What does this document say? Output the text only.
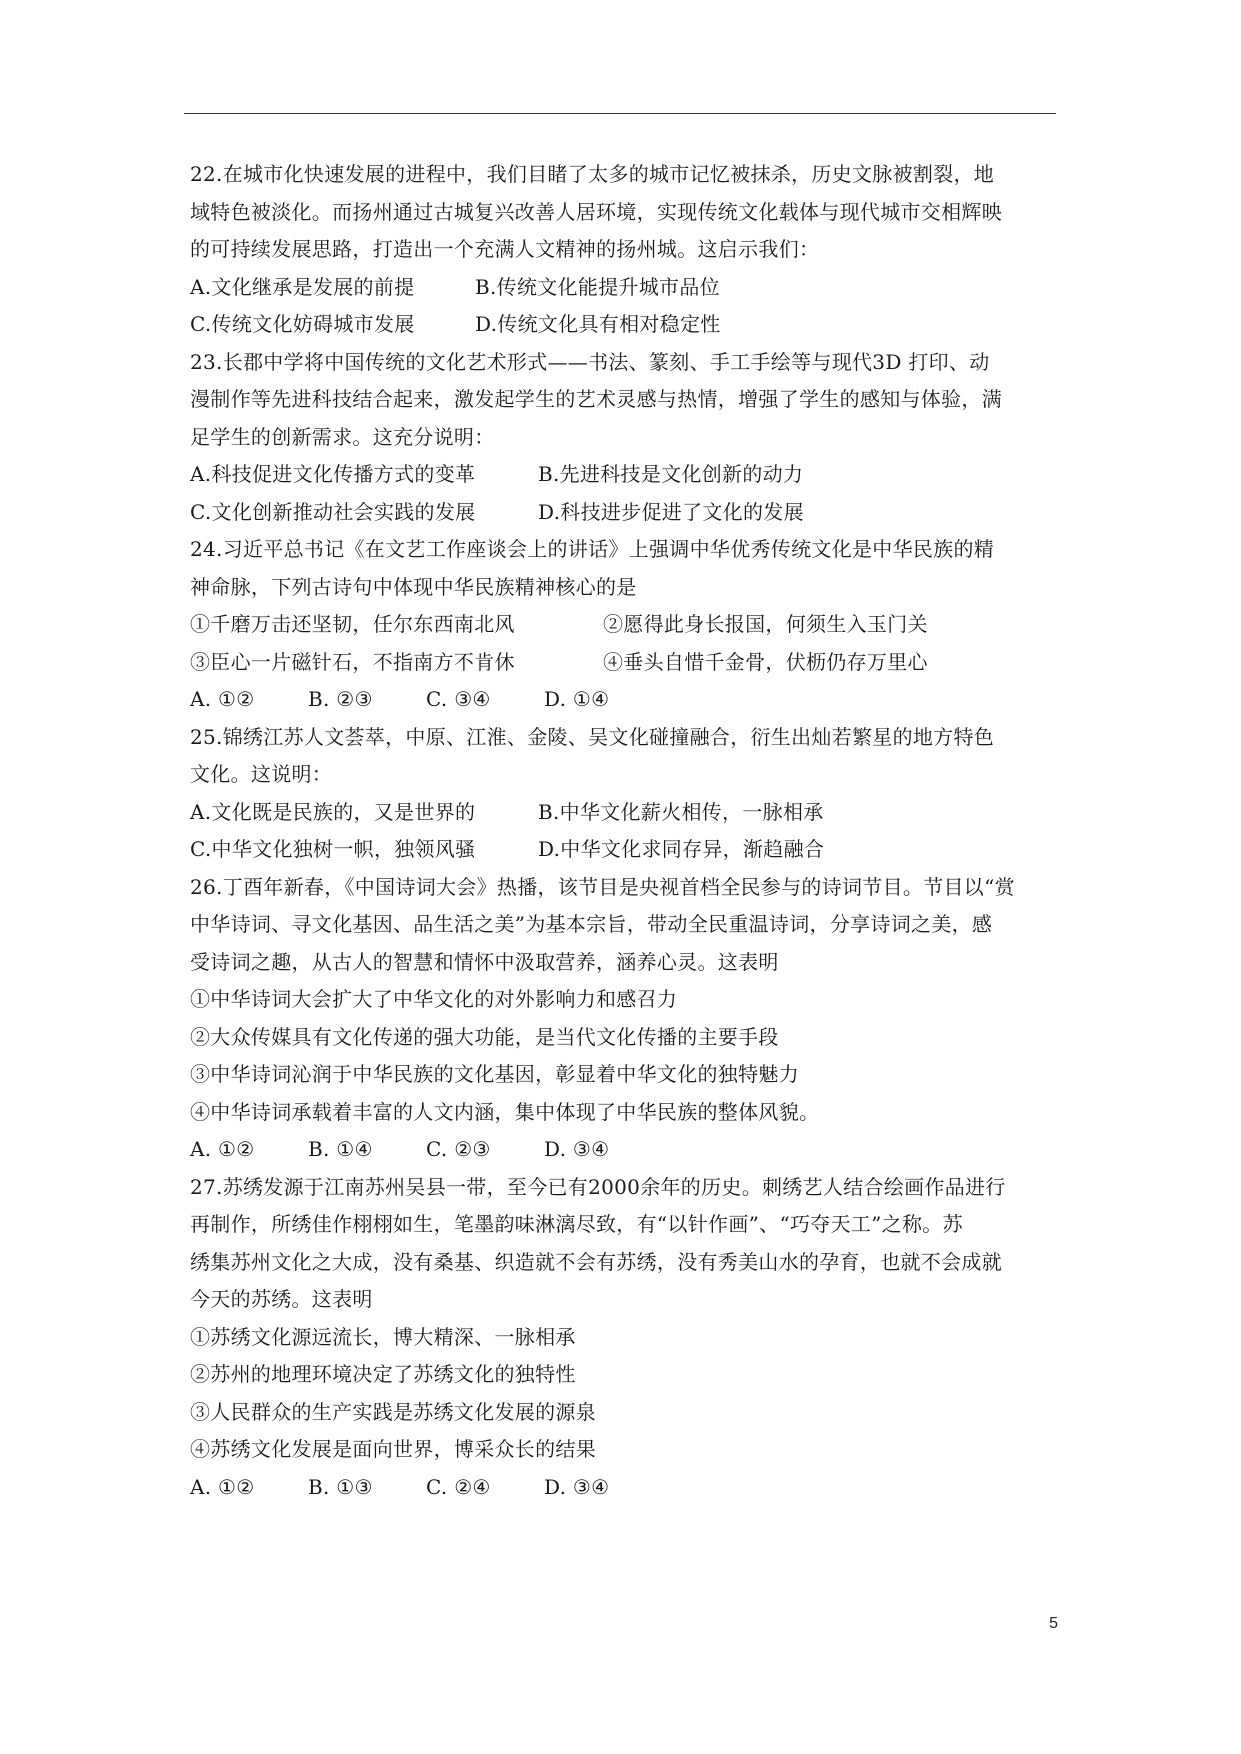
22.在城市化快速发展的进程中，我们目睹了太多的城市记忆被抹杀，历史文脉被割裂，地
域特色被淡化。而扬州通过古城复兴改善人居环境，实现传统文化载体与现代城市交相辉映
的可持续发展思路，打造出一个充满人文精神的扬州城。这启示我们：
A.文化继承是发展的前提	B.传统文化能提升城市品位
C.传统文化妨碍城市发展	D.传统文化具有相对稳定性
23.长郡中学将中国传统的文化艺术形式——书法、篆刻、手工手绘等与现代3D 打印、动
漫制作等先进科技结合起来，激发起学生的艺术灵感与热情，增强了学生的感知与体验，满
足学生的创新需求。这充分说明：
A.科技促进文化传播方式的变革	B.先进科技是文化创新的动力
C.文化创新推动社会实践的发展	D.科技进步促进了文化的发展
24.习近平总书记《在文艺工作座谈会上的讲话》上强调中华优秀传统文化是中华民族的精
神命脉，下列古诗句中体现中华民族精神核心的是
①千磨万击还坚韧，任尔东西南北风	②愿得此身长报国，何须生入玉门关
③臣心一片磁针石，不指南方不肯休	④垂头自惜千金骨，伏枥仍存万里心
A. ①②	B. ②③	C. ③④	D. ①④
25.锦绣江苏人文荟萃，中原、江淮、金陵、吴文化碰撞融合，衍生出灿若繁星的地方特色
文化。这说明：
A.文化既是民族的，又是世界的	B.中华文化薪火相传，一脉相承
C.中华文化独树一帜，独领风骚	D.中华文化求同存异，渐趋融合
26.丁酉年新春，《中国诗词大会》热播，该节目是央视首档全民参与的诗词节目。节目以“赏
中华诗词、寻文化基因、品生活之美”为基本宗旨，带动全民重温诗词，分享诗词之美，感
受诗词之趣，从古人的智慧和情怀中汲取营养，涵养心灵。这表明
①中华诗词大会扩大了中华文化的对外影响力和感召力
②大众传媒具有文化传递的强大功能，是当代文化传播的主要手段
③中华诗词沁润于中华民族的文化基因，彰显着中华文化的独特魅力
④中华诗词承载着丰富的人文内涵，集中体现了中华民族的整体风貌。
A. ①②	B. ①④	C. ②③	D. ③④
27.苏绣发源于江南苏州吴县一带，至今已有2000余年的历史。刺绣艺人结合绘画作品进行
再制作，所绣佳作栩栩如生，笔墨韵味淋漓尽致，有“以针作画”、“巧夺天工”之称。苏
绣集苏州文化之大成，没有桑基、织造就不会有苏绣，没有秀美山水的孕育，也就不会成就
今天的苏绣。这表明
①苏绣文化源远流长，博大精深、一脉相承
②苏州的地理环境决定了苏绣文化的独特性
③人民群众的生产实践是苏绣文化发展的源泉
④苏绣文化发展是面向世界，博采众长的结果
A. ①②	B. ①③	C. ②④	D. ③④
5
